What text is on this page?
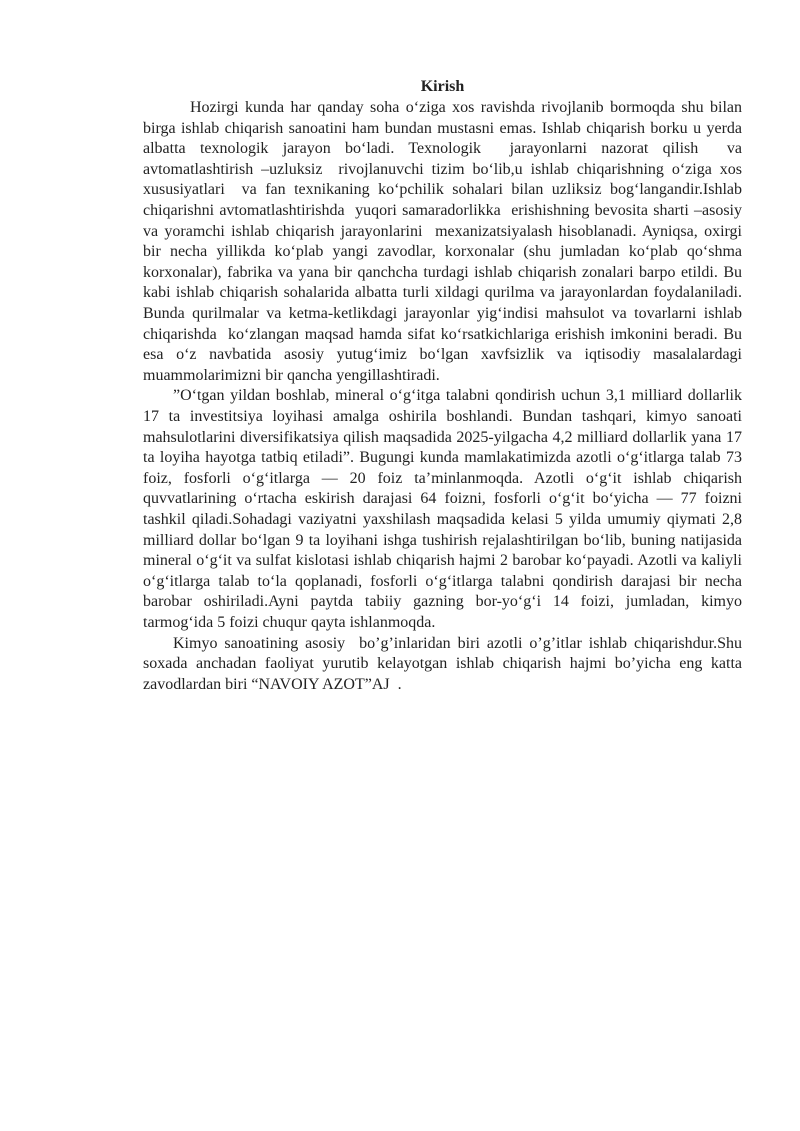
Kirish

Hozirgi kunda har qanday soha o‘ziga xos ravishda rivojlanib bormoqda shu bilan birga ishlab chiqarish sanoatini ham bundan mustasni emas. Ishlab chiqarish borku u yerda albatta texnologik jarayon bo‘ladi. Texnologik  jarayonlarni nazorat qilish  va avtomatlashtirish –uzluksiz  rivojlanuvchi tizim bo‘lib,u ishlab chiqarishning o‘ziga xos xususiyatlari  va fan texnikaning ko‘pchilik sohalari bilan uzliksiz bog‘langandir.Ishlab chiqarishni avtomatlashtirishda  yuqori samaradorlikka  erishishning bevosita sharti –asosiy  va yoramchi ishlab chiqarish jarayonlarini  mexanizatsiyalash hisoblanadi. Ayniqsa, oxirgi bir necha yillikda ko‘plab yangi zavodlar, korxonalar (shu jumladan ko‘plab qo‘shma korxonalar), fabrika va yana bir qanchcha turdagi ishlab chiqarish zonalari barpo etildi. Bu kabi ishlab chiqarish sohalarida albatta turli xildagi qurilma va jarayonlardan foydalaniladi. Bunda qurilmalar va ketma-ketlikdagi jarayonlar yig‘indisi mahsulot va tovarlarni ishlab chiqarishda  ko‘zlangan maqsad hamda sifat ko‘rsatkichlariga erishish imkonini beradi. Bu esa o‘z navbatida asosiy yutug‘imiz bo‘lgan xavfsizlik va iqtisodiy masalalardagi muammolarimizni bir qancha yengillashtiradi.

”O‘tgan yildan boshlab, mineral o‘g‘itga talabni qondirish uchun 3,1 milliard dollarlik 17 ta investitsiya loyihasi amalga oshirila boshlandi. Bundan tashqari, kimyo sanoati mahsulotlarini diversifikatsiya qilish maqsadida 2025-yilgacha 4,2 milliard dollarlik yana 17 ta loyiha hayotga tatbiq etiladi”. Bugungi kunda mamlakatimizda azotli o‘g‘itlarga talab 73 foiz, fosforli o‘g‘itlarga — 20 foiz ta’minlanmoqda. Azotli o‘g‘it ishlab chiqarish quvvatlarining o‘rtacha eskirish darajasi 64 foizni, fosforli o‘g‘it bo‘yicha — 77 foizni tashkil qiladi.Sohadagi vaziyatni yaxshilash maqsadida kelasi 5 yilda umumiy qiymati 2,8 milliard dollar bo‘lgan 9 ta loyihani ishga tushirish rejalashtirilgan bo‘lib, buning natijasida mineral o‘g‘it va sulfat kislotasi ishlab chiqarish hajmi 2 barobar ko‘payadi. Azotli va kaliyli o‘g‘itlarga talab to‘la qoplanadi, fosforli o‘g‘itlarga talabni qondirish darajasi bir necha barobar oshiriladi.Ayni paytda tabiiy gazning bor-yo‘g‘i 14 foizi, jumladan, kimyo tarmog‘ida 5 foizi chuqur qayta ishlanmoqda.

Kimyo sanoatining asosiy  bo’g’inlaridan biri azotli o’g’itlar ishlab chiqarishdur.Shu soxada anchadan faoliyat yurutib kelayotgan ishlab chiqarish hajmi bo’yicha eng katta zavodlardan biri “NAVOIY AZOT”AJ  .
